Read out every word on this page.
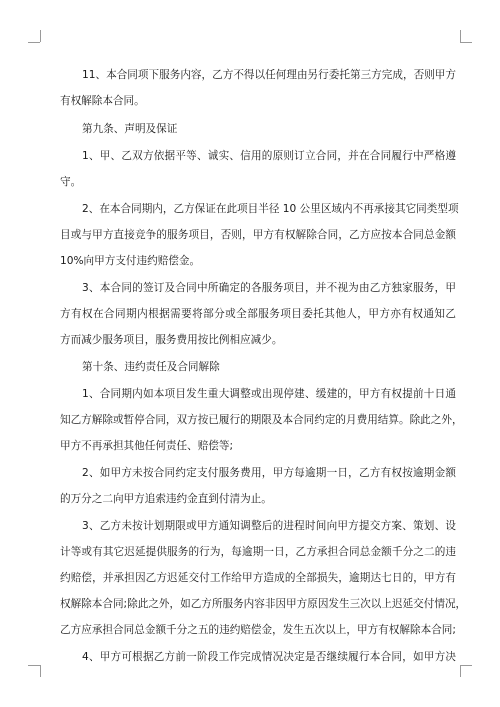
11、本合同项下服务内容，乙方不得以任何理由另行委托第三方完成，否则甲方
有权解除本合同。
第九条、声明及保证
1、甲、乙双方依据平等、诚实、信用的原则订立合同，并在合同履行中严格遵
守。
2、在本合同期内，乙方保证在此项目半径 10 公里区域内不再承接其它同类型项
目或与甲方直接竞争的服务项目，否则，甲方有权解除合同，乙方应按本合同总金额
10%向甲方支付违约赔偿金。
3、本合同的签订及合同中所确定的各服务项目，并不视为由乙方独家服务，甲
方有权在合同期内根据需要将部分或全部服务项目委托其他人，甲方亦有权通知乙
方而减少服务项目，服务费用按比例相应减少。
第十条、违约责任及合同解除
1、合同期内如本项目发生重大调整或出现停建、缓建的，甲方有权提前十日通
知乙方解除或暂停合同，双方按已履行的期限及本合同约定的月费用结算。除此之外，
甲方不再承担其他任何责任、赔偿等;
2、如甲方未按合同约定支付服务费用，甲方每逾期一日，乙方有权按逾期金额
的万分之二向甲方追索违约金直到付清为止。
3、乙方未按计划期限或甲方通知调整后的进程时间向甲方提交方案、策划、设
计等或有其它迟延提供服务的行为，每逾期一日，乙方承担合同总金额千分之二的违
约赔偿，并承担因乙方迟延交付工作给甲方造成的全部损失，逾期达七日的，甲方有
权解除本合同;除此之外，如乙方所服务内容非因甲方原因发生三次以上迟延交付情况，
乙方应承担合同总金额千分之五的违约赔偿金，发生五次以上，甲方有权解除本合同;
4、甲方可根据乙方前一阶段工作完成情况决定是否继续履行本合同，如甲方决
